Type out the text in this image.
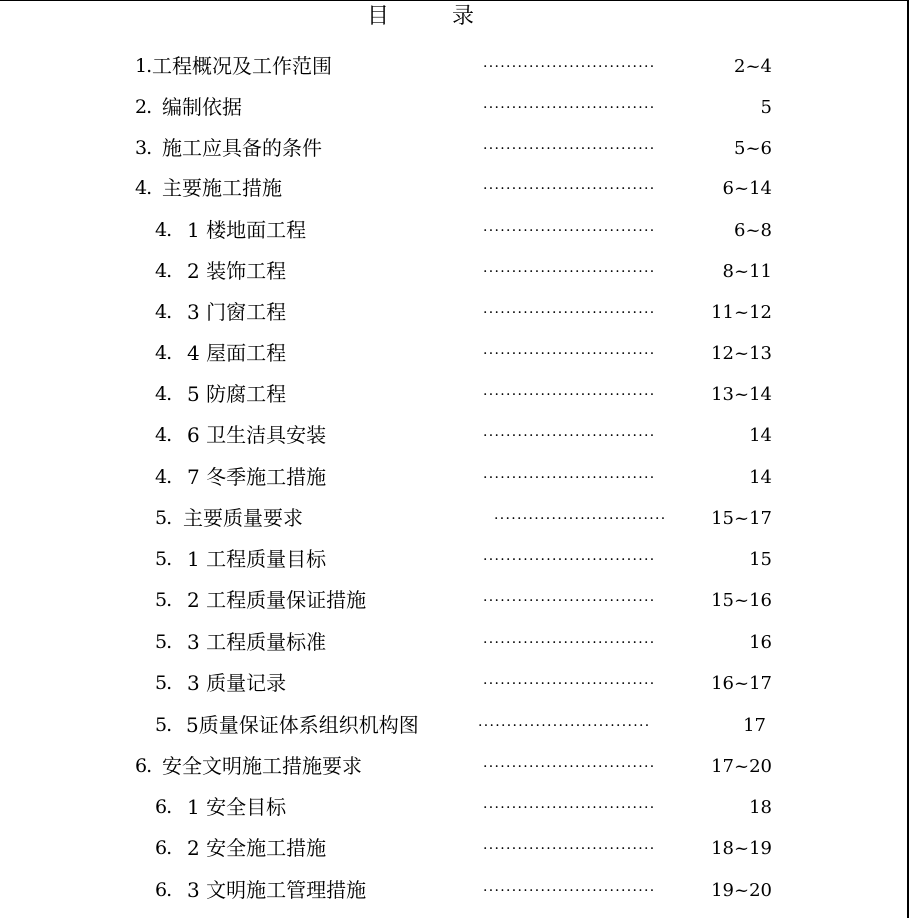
目	录
1. 工程概况及工作范围	······························	2~4
2. 编制依据	······························	5
3. 施工应具备的条件	······························	5~6
4. 主要施工措施	······························	6~14
4. 1 楼地面工程	······························	6~8
4. 2 装饰工程	······························	8~11
4. 3 门窗工程	······························	11~12
4. 4 屋面工程	······························	12~13
4. 5 防腐工程	······························	13~14
4. 6 卫生洁具安装	······························	14
4. 7 冬季施工措施	······························	14
5. 主要质量要求	······························	15~17
5. 1 工程质量目标	······························	15
5. 2 工程质量保证措施	······························	15~16
5. 3 工程质量标准	······························	16
5. 3 质量记录	······························	16~17
5. 5质量保证体系组织机构图	······························	17
6. 安全文明施工措施要求	······························	17~20
6. 1 安全目标	······························	18
6. 2 安全施工措施	······························	18~19
6. 3 文明施工管理措施	······························	19~20
